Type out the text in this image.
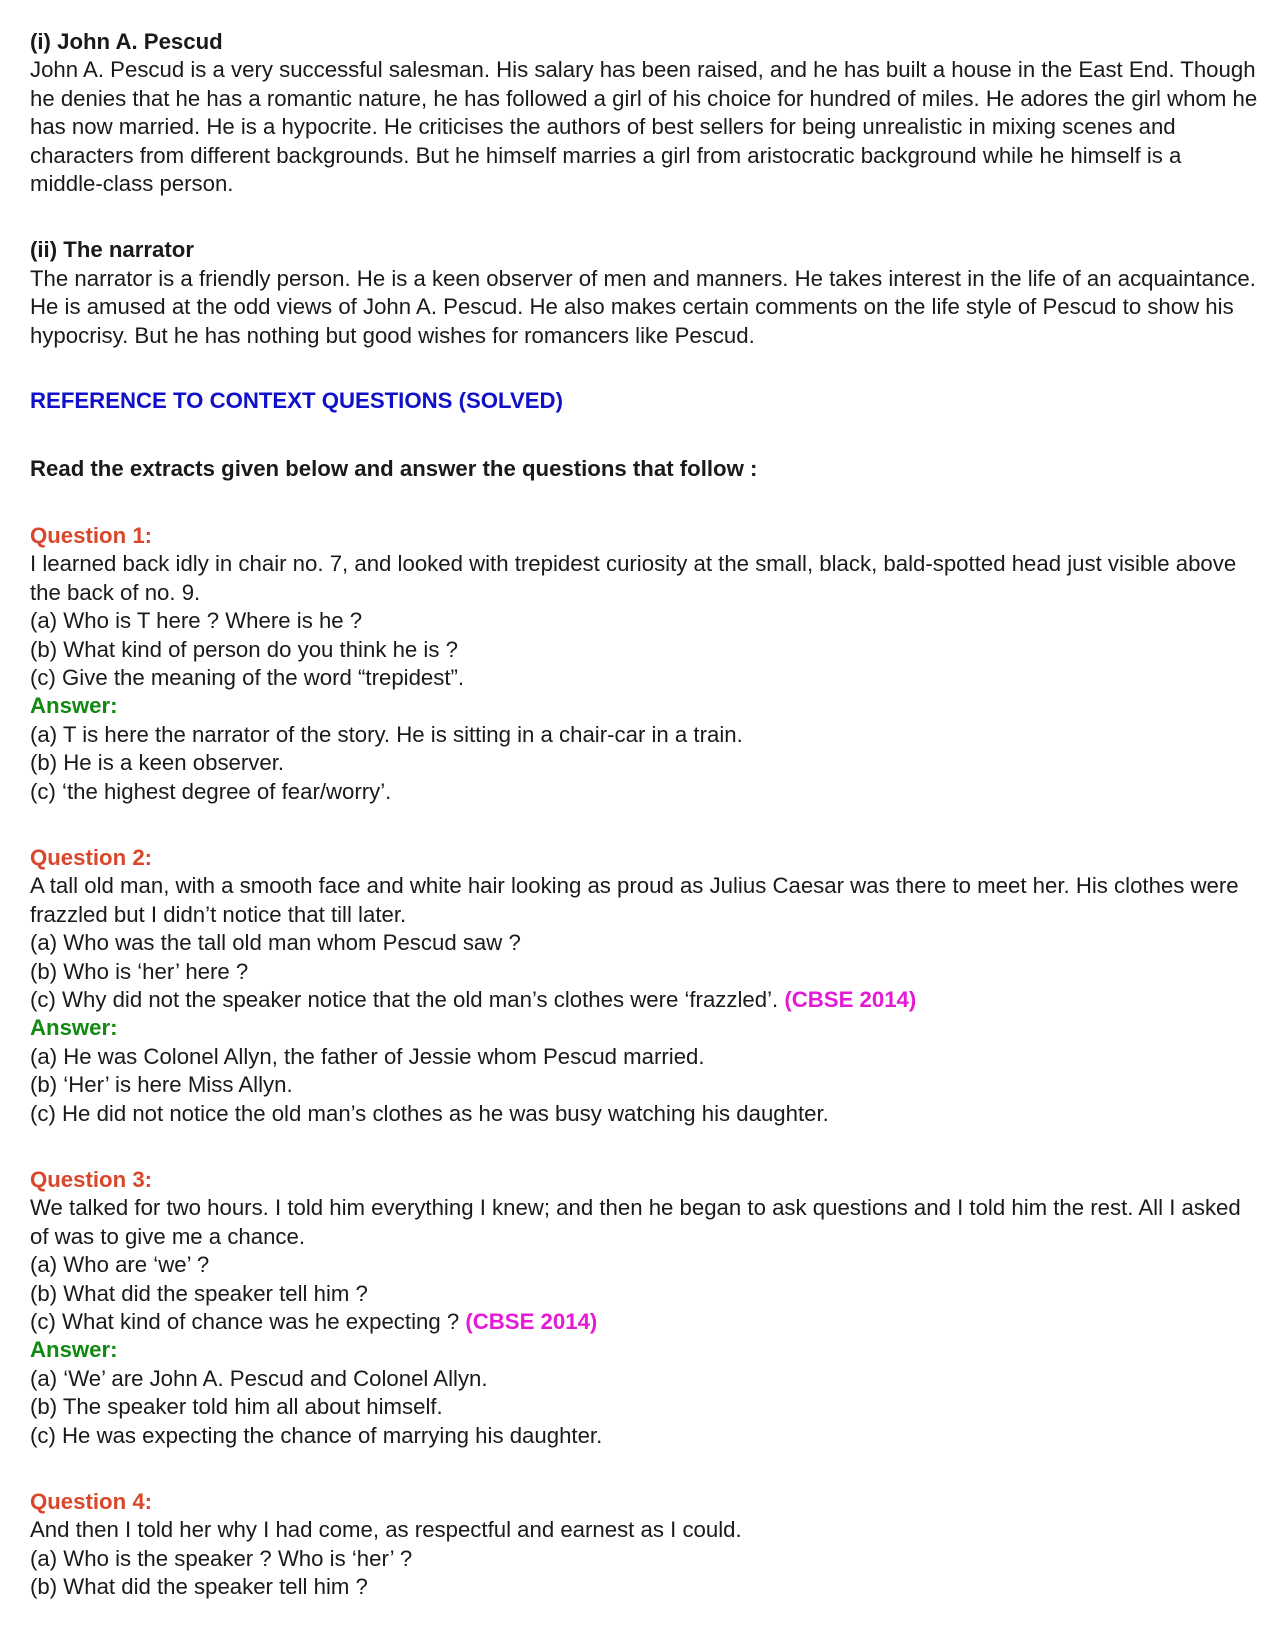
(i) John A. Pescud
John A. Pescud is a very successful salesman. His salary has been raised, and he has built a house in the East End. Though he denies that he has a romantic nature, he has followed a girl of his choice for hundred of miles. He adores the girl whom he has now married. He is a hypocrite. He criticises the authors of best sellers for being unrealistic in mixing scenes and characters from different backgrounds. But he himself marries a girl from aristocratic background while he himself is a middle-class person.
(ii) The narrator
The narrator is a friendly person. He is a keen observer of men and manners. He takes interest in the life of an acquaintance. He is amused at the odd views of John A. Pescud. He also makes certain comments on the life style of Pescud to show his hypocrisy. But he has nothing but good wishes for romancers like Pescud.
REFERENCE TO CONTEXT QUESTIONS (SOLVED)
Read the extracts given below and answer the questions that follow :
Question 1:
I learned back idly in chair no. 7, and looked with trepidest curiosity at the small, black, bald-spotted head just visible above the back of no. 9.
(a) Who is T here ? Where is he ?
(b) What kind of person do you think he is ?
(c) Give the meaning of the word “trepidest”.
Answer:
(a) T is here the narrator of the story. He is sitting in a chair-car in a train.
(b) He is a keen observer.
(c) ‘the highest degree of fear/worry’.
Question 2:
A tall old man, with a smooth face and white hair looking as proud as Julius Caesar was there to meet her. His clothes were frazzled but I didn’t notice that till later.
(a) Who was the tall old man whom Pescud saw ?
(b) Who is ‘her’ here ?
(c) Why did not the speaker notice that the old man’s clothes were ‘frazzled’. (CBSE 2014)
Answer:
(a) He was Colonel Allyn, the father of Jessie whom Pescud married.
(b) ‘Her’ is here Miss Allyn.
(c) He did not notice the old man’s clothes as he was busy watching his daughter.
Question 3:
We talked for two hours. I told him everything I knew; and then he began to ask questions and I told him the rest. All I asked of was to give me a chance.
(a) Who are ‘we’ ?
(b) What did the speaker tell him ?
(c) What kind of chance was he expecting ? (CBSE 2014)
Answer:
(a) ‘We’ are John A. Pescud and Colonel Allyn.
(b) The speaker told him all about himself.
(c) He was expecting the chance of marrying his daughter.
Question 4:
And then I told her why I had come, as respectful and earnest as I could.
(a) Who is the speaker ? Who is ‘her’ ?
(b) What did the speaker tell him ?
